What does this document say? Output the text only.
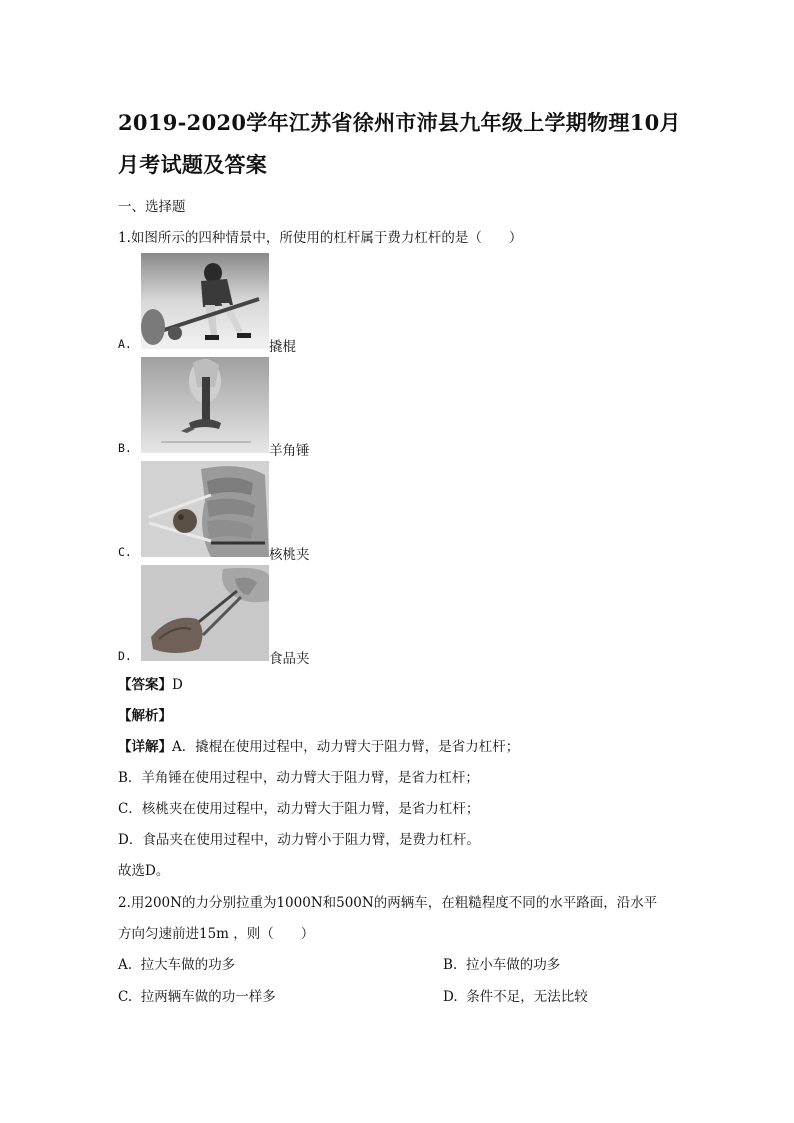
2019-2020学年江苏省徐州市沛县九年级上学期物理10月
月考试题及答案
一、选择题
1.如图所示的四种情景中，所使用的杠杆属于费力杠杆的是（　　）
A.	撬棍
B.	羊角锤
C.	核桃夹
D.	食品夹
【答案】D
【解析】
【详解】A．撬棍在使用过程中，动力臂大于阻力臂，是省力杠杆；
B．羊角锤在使用过程中，动力臂大于阻力臂，是省力杠杆；
C．核桃夹在使用过程中，动力臂大于阻力臂，是省力杠杆；
D．食品夹在使用过程中，动力臂小于阻力臂，是费力杠杆。
故选D。
2.用200N的力分别拉重为1000N和500N的两辆车，在粗糙程度不同的水平路面，沿水平
方向匀速前进15m ，则（　　）
A. 拉大车做的功多	B. 拉小车做的功多
C. 拉两辆车做的功一样多	D. 条件不足，无法比较
